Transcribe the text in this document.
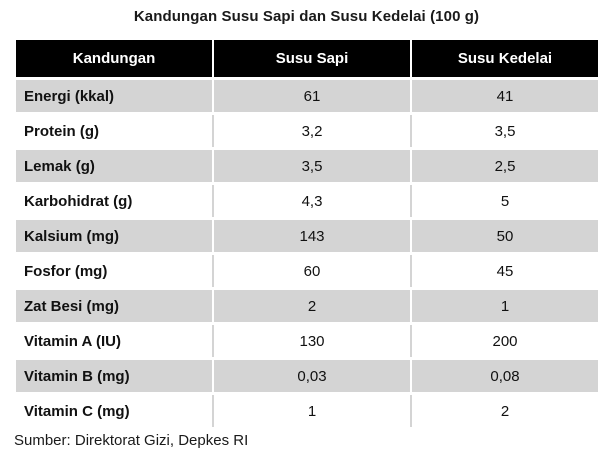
Kandungan Susu Sapi dan Susu Kedelai (100 g)
Kandungan	Susu Sapi	Susu Kedelai
Energi (kkal)	61	41
Protein (g)	3,2	3,5
Lemak (g)	3,5	2,5
Karbohidrat (g)	4,3	5
Kalsium (mg)	143	50
Fosfor (mg)	60	45
Zat Besi (mg)	2	1
Vitamin A (IU)	130	200
Vitamin B (mg)	0,03	0,08
Vitamin C (mg)	1	2
Sumber: Direktorat Gizi, Depkes RI
